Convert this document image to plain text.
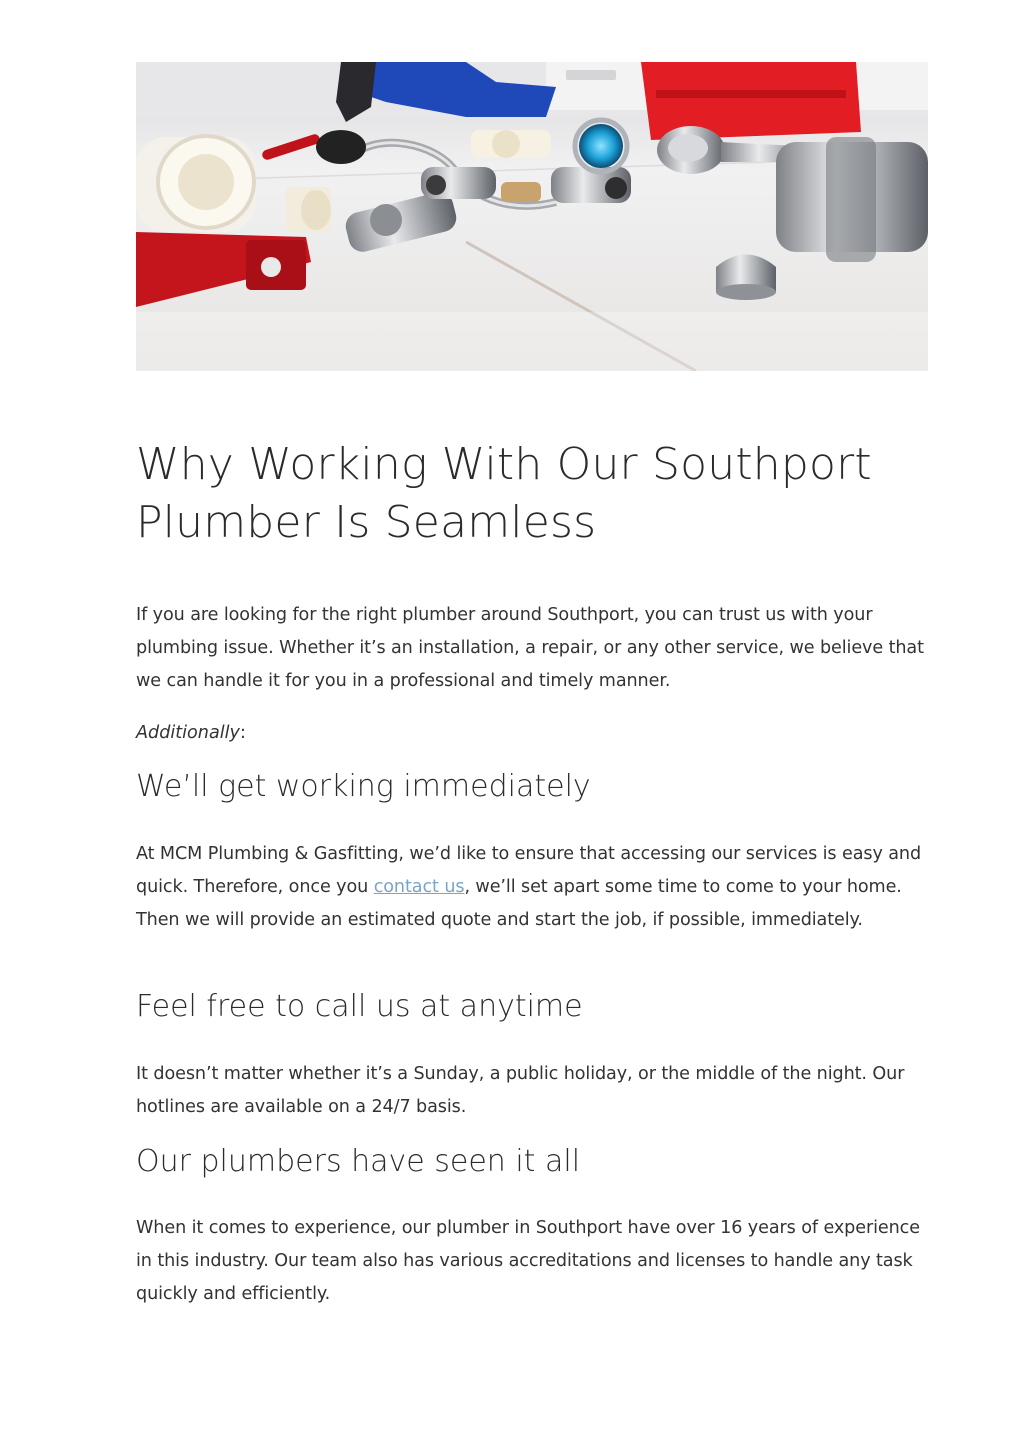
Why Working With Our Southport Plumber Is Seamless

If you are looking for the right plumber around Southport, you can trust us with your plumbing issue. Whether it’s an installation, a repair, or any other service, we believe that we can handle it for you in a professional and timely manner.

Additionally:

We’ll get working immediately

At MCM Plumbing & Gasfitting, we’d like to ensure that accessing our services is easy and quick. Therefore, once you contact us, we’ll set apart some time to come to your home. Then we will provide an estimated quote and start the job, if possible, immediately.

Feel free to call us at anytime

It doesn’t matter whether it’s a Sunday, a public holiday, or the middle of the night. Our hotlines are available on a 24/7 basis.

Our plumbers have seen it all

When it comes to experience, our plumber in Southport have over 16 years of experience in this industry. Our team also has various accreditations and licenses to handle any task quickly and efficiently.
